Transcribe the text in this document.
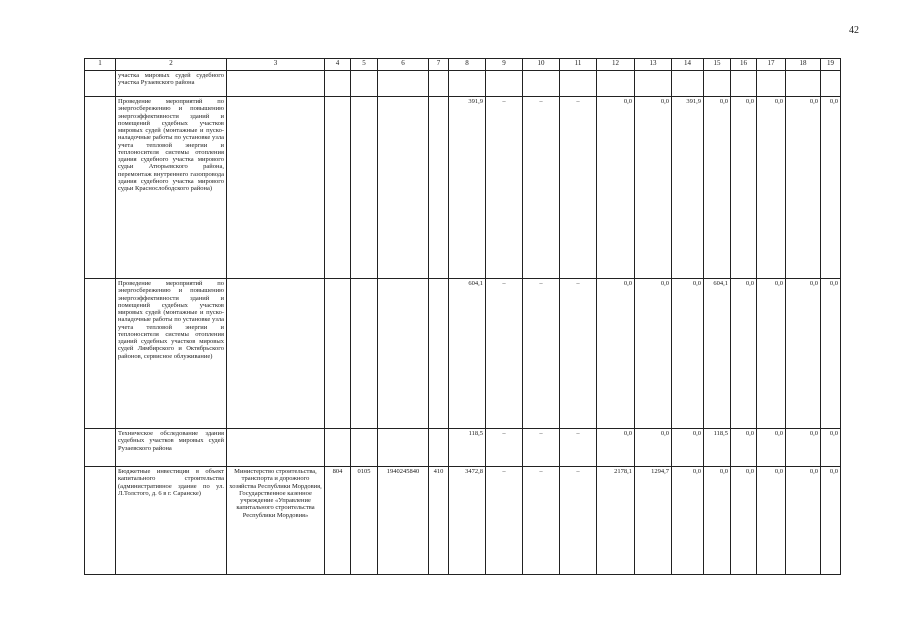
42
1	2	3	4	5	6	7	8	9	10	11	12	13	14	15	16	17	18	19
	участка мировых судей судебного участка Рузаевского района																	
	Проведение мероприятий по энергосбережению и повышению энергоэффективности зданий и помещений судебных участков мировых судей (монтажные и пуско-наладочные работы по установке узла учета тепловой энергии и теплоносителя системы отопления здания судебного участка мирового судьи Атюрьевского района, перемонтаж внутреннего газопровода здания судебного участка мирового судьи Краснослободского района)						391,9	–	–	–	0,0	0,0	391,9	0,0	0,0	0,0	0,0	0,0
	Проведение мероприятий по энергосбережению и повышению энергоэффективности зданий и помещений судебных участков мировых судей (монтажные и пуско-наладочные работы по установке узла учета тепловой энергии и теплоносителя системы отопления зданий судебных участков мировых судей Лямбирского и Октябрьского районов, сервисное облуживание)						604,1	–	–	–	0,0	0,0	0,0	604,1	0,0	0,0	0,0	0,0
	Техническое обследование здания судебных участков мировых судей Рузаевского района						118,5	–	–	–	0,0	0,0	0,0	118,5	0,0	0,0	0,0	0,0
	Бюджетные инвестиции в объект капитального строительства (административное здание по ул. Л.Толстого, д. 6 в г. Саранске)	Министерство строительства, транспорта и дорожного хозяйства Республики Мордовия, Государственное казенное учреждение «Управление капитального строительства Республики Мордовия»	804	0105	1940245840	410	3472,8	–	–	–	2178,1	1294,7	0,0	0,0	0,0	0,0	0,0	0,0
